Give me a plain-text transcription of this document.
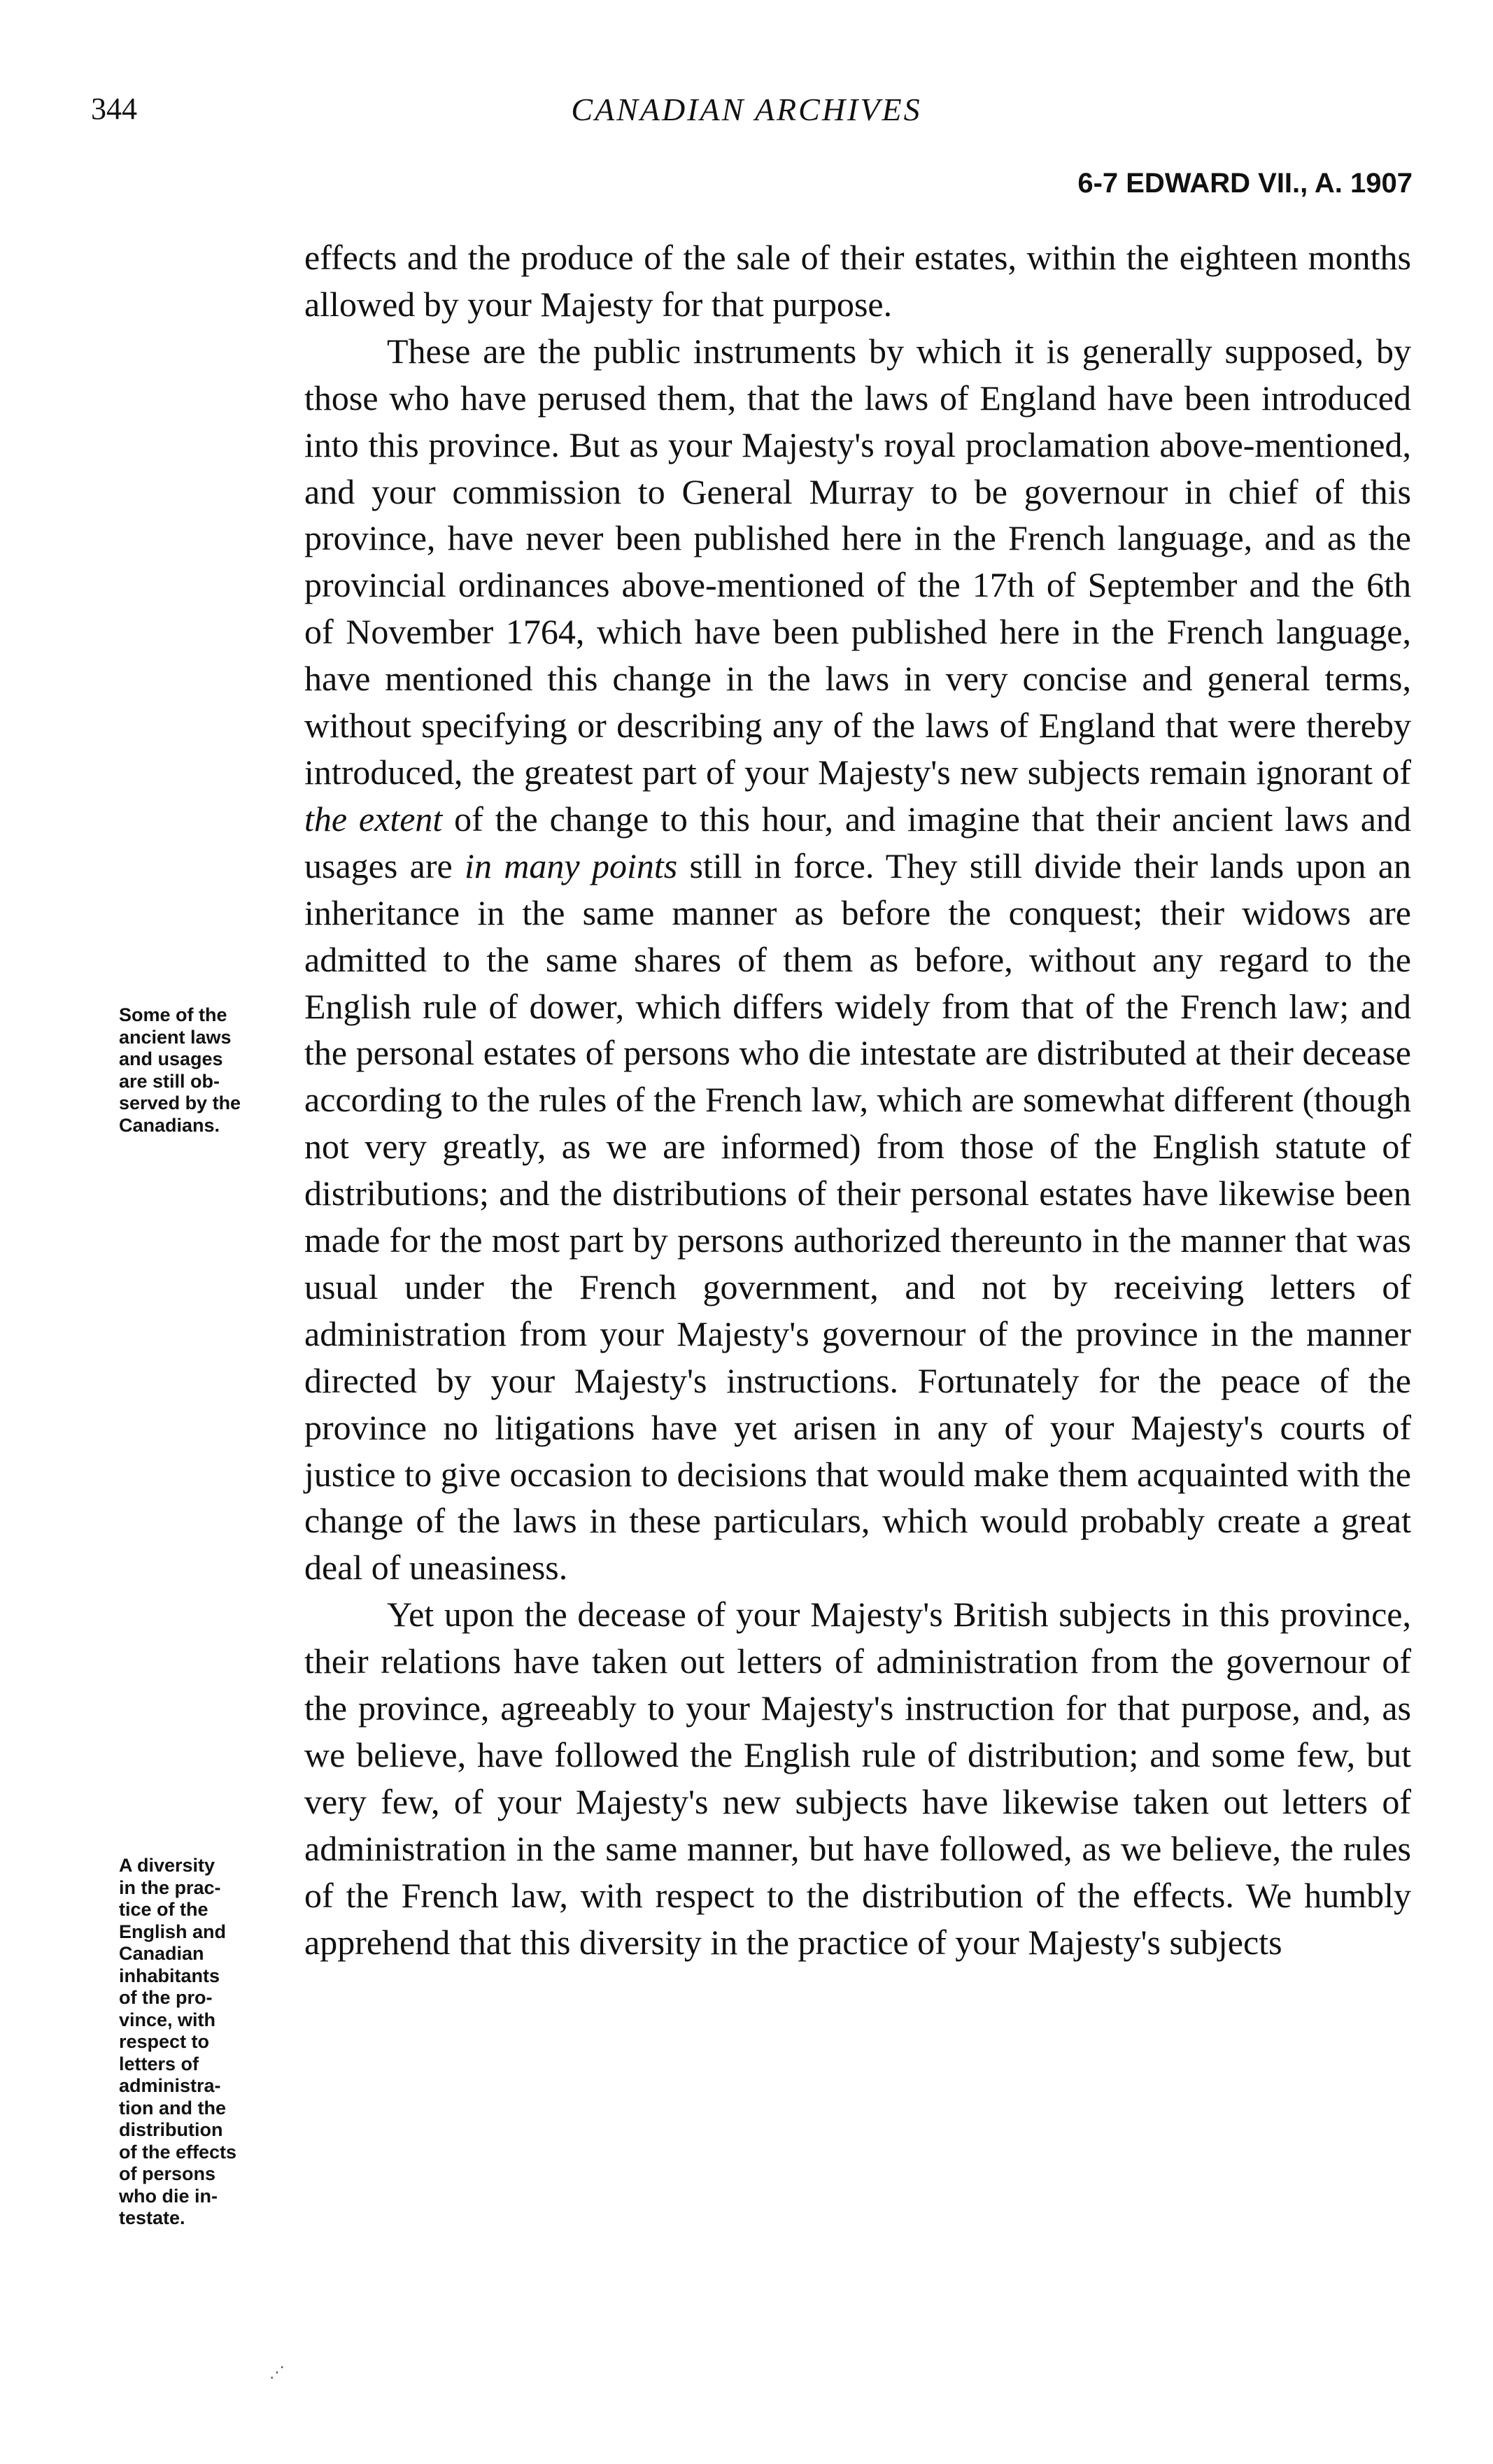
344	CANADIAN ARCHIVES
6-7 EDWARD VII., A. 1907
Some of the
ancient laws
and usages
are still ob-
served by the
Canadians.
A diversity
in the prac-
tice of the
English and
Canadian
inhabitants
of the pro-
vince, with
respect to
letters of
administra-
tion and the
distribution
of the effects
of persons
who die in-
testate.

effects and the produce of the sale of their estates, within the eighteen months allowed by your Majesty for that purpose.

These are the public instruments by which it is generally supposed, by those who have perused them, that the laws of England have been introduced into this province. But as your Majesty's royal proclamation above-mentioned, and your commission to General Murray to be governour in chief of this province, have never been published here in the French language, and as the provincial ordinances above-mentioned of the 17th of September and the 6th of November 1764, which have been published here in the French language, have mentioned this change in the laws in very concise and general terms, without specifying or describing any of the laws of England that were thereby introduced, the greatest part of your Majesty's new subjects remain ignorant of the extent of the change to this hour, and imagine that their ancient laws and usages are in many points still in force. They still divide their lands upon an inheritance in the same manner as before the conquest; their widows are admitted to the same shares of them as before, without any regard to the English rule of dower, which differs widely from that of the French law; and the personal estates of persons who die intestate are distributed at their decease according to the rules of the French law, which are somewhat different (though not very greatly, as we are informed) from those of the English statute of distributions; and the distributions of their personal estates have likewise been made for the most part by persons authorized thereunto in the manner that was usual under the French government, and not by receiving letters of administration from your Majesty's governour of the province in the manner directed by your Majesty's instructions. Fortunately for the peace of the province no litigations have yet arisen in any of your Majesty's courts of justice to give occasion to decisions that would make them acquainted with the change of the laws in these particulars, which would probably create a great deal of uneasiness.

Yet upon the decease of your Majesty's British subjects in this province, their relations have taken out letters of administration from the governour of the province, agreeably to your Majesty's instruction for that purpose, and, as we believe, have followed the English rule of distribution; and some few, but very few, of your Majesty's new subjects have likewise taken out letters of administration in the same manner, but have followed, as we believe, the rules of the French law, with respect to the distribution of the effects. We humbly apprehend that this diversity in the practice of your Majesty's subjects

⋰
